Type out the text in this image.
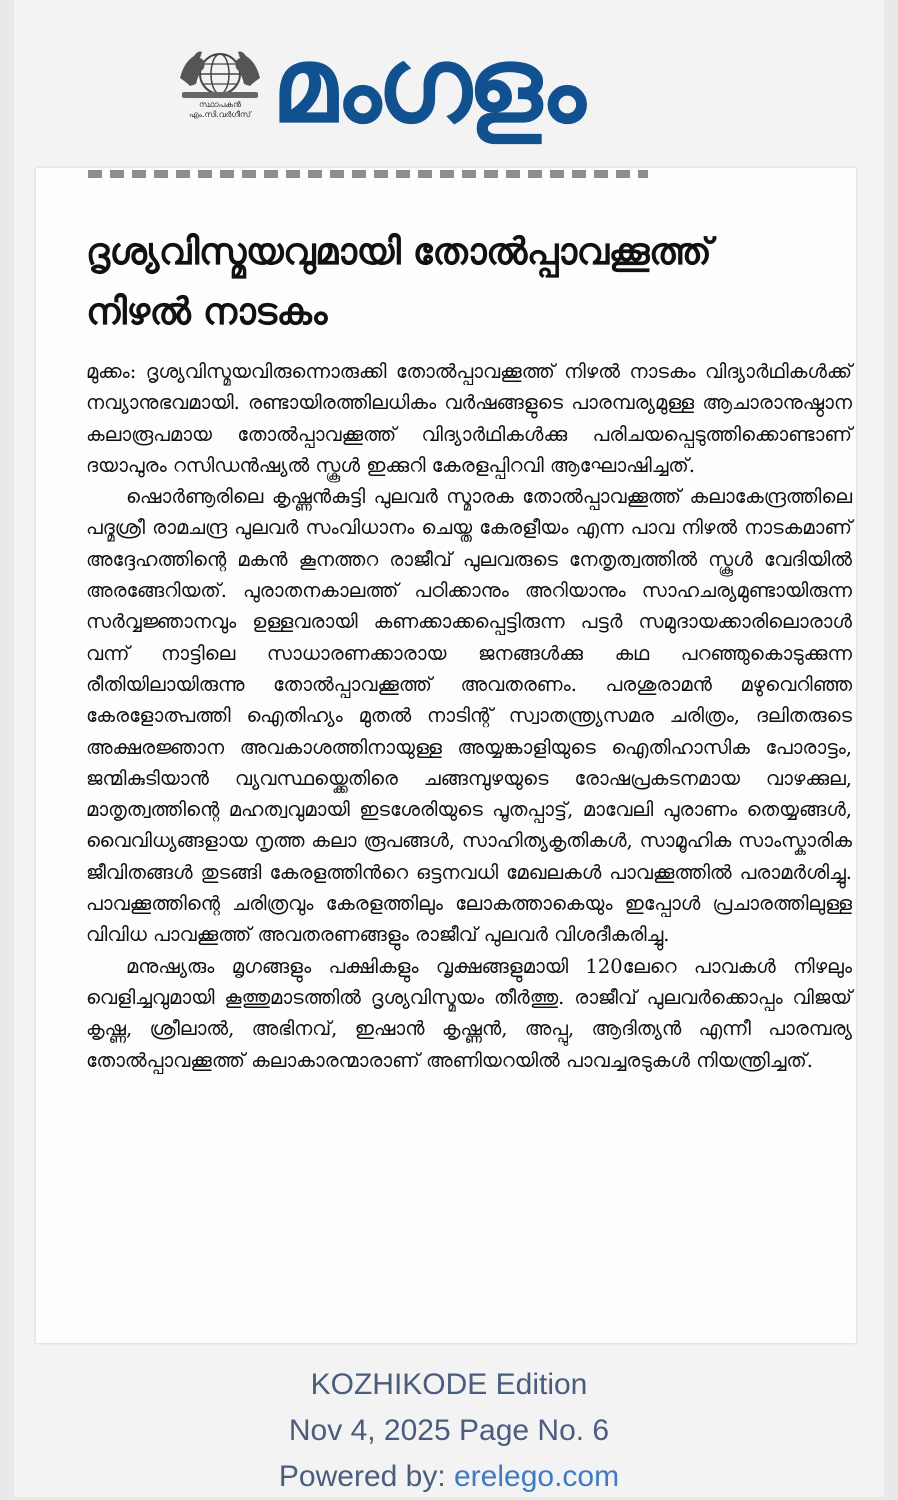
സ്ഥാപകൻ
എം.സി.വർഗീസ് മംഗളം
ദൃശ്യവിസ്മയവുമായി തോൽപ്പാവക്കൂത്ത്
നിഴൽ നാടകം

മുക്കം: ദൃശ്യവിസ്മയവിരുന്നൊരുക്കി തോൽപ്പാവക്കൂത്ത് നിഴൽ നാടകം വിദ്യാർഥികൾക്ക് നവ്യാനുഭവമായി. രണ്ടായിരത്തിലധികം വർഷങ്ങളുടെ പാരമ്പര്യമുള്ള ആചാരാനുഷ്ഠാന കലാരൂപമായ തോൽപ്പാവക്കൂത്ത് വിദ്യാർഥികൾക്കു പരിചയപ്പെടുത്തിക്കൊണ്ടാണ് ദയാപുരം റസിഡൻഷ്യൽ സ്കൂൾ ഇക്കുറി കേരളപ്പിറവി ആഘോഷിച്ചത്.

ഷൊർണൂരിലെ കൃഷ്ണൻകുട്ടി പുലവർ സ്മാരക തോൽപ്പാവക്കൂത്ത് കലാകേന്ദ്രത്തിലെ പദ്മശ്രീ രാമചന്ദ്ര പുലവർ സംവിധാനം ചെയ്ത കേരളീയം എന്ന പാവ നിഴൽ നാടകമാണ് അദ്ദേഹത്തിന്റെ മകൻ കൂനത്തറ രാജീവ് പുലവരുടെ നേതൃത്വത്തിൽ സ്കൂൾ വേദിയിൽ അരങ്ങേറിയത്. പുരാതനകാലത്ത് പഠിക്കാനും അറിയാനും സാഹചര്യമുണ്ടായിരുന്ന സർവ്വജ്ഞാനവും ഉള്ളവരായി കണക്കാക്കപ്പെട്ടിരുന്ന പട്ടർ സമുദായക്കാരിലൊരാൾ വന്ന് നാട്ടിലെ സാധാരണക്കാരായ ജനങ്ങൾക്കു കഥ പറഞ്ഞുകൊടുക്കുന്ന രീതിയിലായിരുന്നു തോൽപ്പാവക്കൂത്ത് അവതരണം. പരശുരാമൻ മഴുവെറിഞ്ഞ കേരളോത്പത്തി ഐതിഹ്യം മുതൽ നാടിന്റ് സ്വാതന്ത്ര്യസമര ചരിത്രം, ദലിതരുടെ അക്ഷരജ്ഞാന അവകാശത്തിനായുള്ള അയ്യങ്കാളിയുടെ ഐതിഹാസിക പോരാട്ടം, ജന്മികുടിയാൻ വ്യവസ്ഥയ്ക്കെതിരെ ചങ്ങമ്പുഴയുടെ രോഷപ്രകടനമായ വാഴക്കുല, മാതൃത്വത്തിന്റെ മഹത്വവുമായി ഇടശേരിയുടെ പൂതപ്പാട്ട്, മാവേലി പുരാണം തെയ്യങ്ങൾ, വൈവിധ്യങ്ങളായ നൃത്ത കലാ രൂപങ്ങൾ, സാഹിത്യകൃതികൾ, സാമൂഹിക സാംസ്കാരിക ജീവിതങ്ങൾ തുടങ്ങി കേരളത്തിൻറെ ഒട്ടനവധി മേഖലകൾ പാവക്കൂത്തിൽ പരാമർശിച്ചു. പാവക്കൂത്തിന്റെ ചരിത്രവും കേരളത്തിലും ലോകത്താകെയും ഇപ്പോൾ പ്രചാരത്തിലുള്ള വിവിധ പാവക്കൂത്ത് അവതരണങ്ങളും രാജീവ് പുലവർ വിശദീകരിച്ചു.

മനുഷ്യരും മൃഗങ്ങളും പക്ഷികളും വൃക്ഷങ്ങളുമായി 120ലേറെ പാവകൾ നിഴലും വെളിച്ചവുമായി കൂത്തുമാടത്തിൽ ദൃശ്യവിസ്മയം തീർത്തു. രാജീവ് പുലവർക്കൊപ്പം വിജയ് കൃഷ്ണ, ശ്രീലാൽ, അഭിനവ്, ഇഷാൻ കൃഷ്ണൻ, അപ്പു, ആദിത്യൻ എന്നീ പാരമ്പര്യ തോൽപ്പാവക്കൂത്ത് കലാകാരന്മാരാണ് അണിയറയിൽ പാവച്ചരടുകൾ നിയന്ത്രിച്ചത്.

KOZHIKODE Edition
Nov 4, 2025 Page No. 6
Powered by: erelego.com
